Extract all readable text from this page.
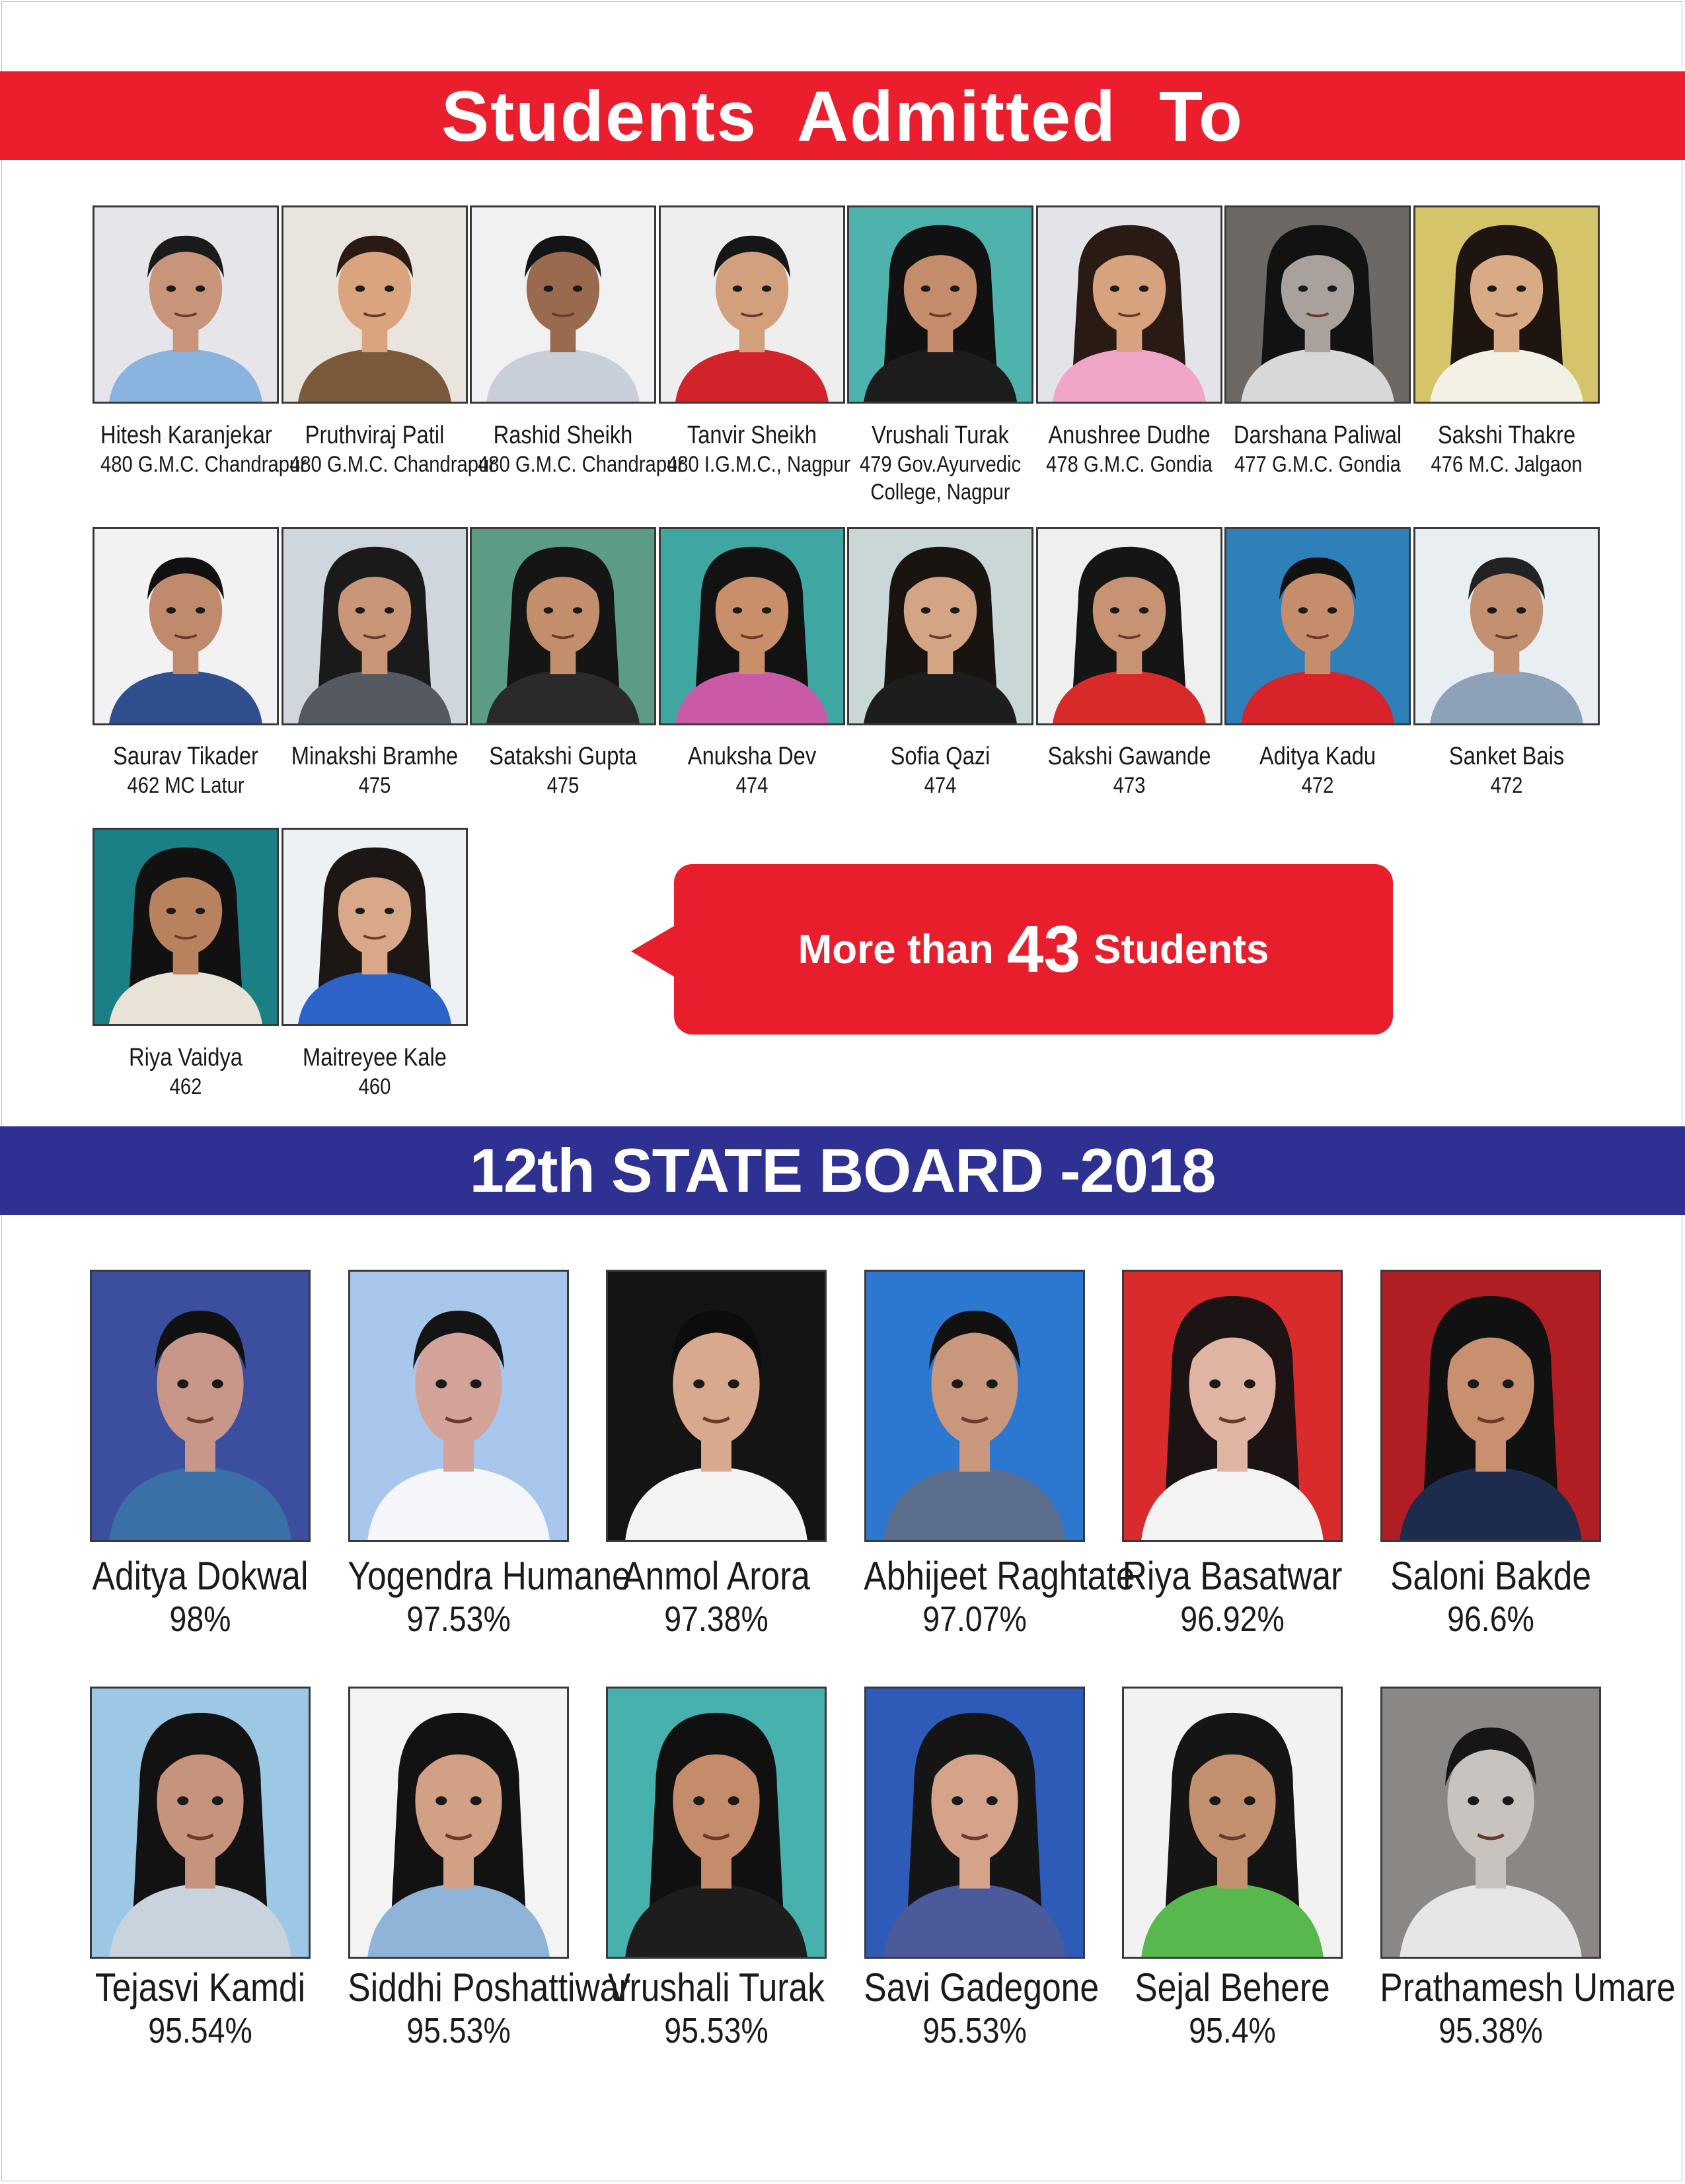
Students  Admitted  To
Hitesh Karanjekar
480 G.M.C. Chandrapur
Pruthviraj Patil
480 G.M.C. Chandrapur
Rashid Sheikh
480 G.M.C. Chandrapur
Tanvir Sheikh
480 I.G.M.C., Nagpur
Vrushali Turak
479 Gov.Ayurvedic
College, Nagpur
Anushree Dudhe
478 G.M.C. Gondia
Darshana Paliwal
477 G.M.C. Gondia
Sakshi Thakre
476 M.C. Jalgaon
Saurav Tikader
462 MC Latur
Minakshi Bramhe
475
Satakshi Gupta
475
Anuksha Dev
474
Sofia Qazi
474
Sakshi Gawande
473
Aditya Kadu
472
Sanket Bais
472
Riya Vaidya
462
Maitreyee Kale
460
More than 43 Students
12th STATE BOARD -2018
Aditya Dokwal
98%
Yogendra Humane
97.53%
Anmol Arora
97.38%
Abhijeet Raghtate
97.07%
Riya Basatwar
96.92%
Saloni Bakde
96.6%
Tejasvi Kamdi
95.54%
Siddhi Poshattiwar
95.53%
Vrushali Turak
95.53%
Savi Gadegone
95.53%
Sejal Behere
95.4%
Prathamesh Umare
95.38%
